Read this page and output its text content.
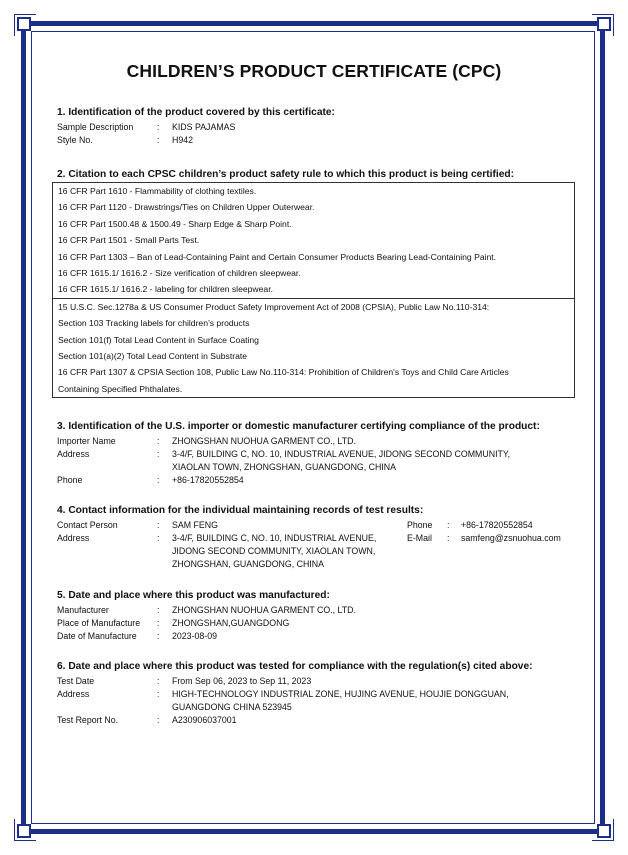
CHILDREN’S PRODUCT CERTIFICATE (CPC)
1. Identification of the product covered by this certificate:
Sample Description	:	KIDS PAJAMAS
Style No.	:	H942
2. Citation to each CPSC children’s product safety rule to which this product is being certified:
16 CFR Part 1610 - Flammability of clothing textiles.
16 CFR Part 1120 - Drawstrings/Ties on Children Upper Outerwear.
16 CFR Part 1500.48 & 1500.49 - Sharp Edge & Sharp Point.
16 CFR Part 1501 - Small Parts Test.
16 CFR Part 1303 – Ban of Lead-Containing Paint and Certain Consumer Products Bearing Lead-Containing Paint.
16 CFR 1615.1/ 1616.2 - Size verification of children sleepwear.
16 CFR 1615.1/ 1616.2 - labeling for children sleepwear.
15 U.S.C. Sec.1278a & US Consumer Product Safety Improvement Act of 2008 (CPSIA), Public Law No.110-314:
Section 103 Tracking labels for children’s products
Section 101(f) Total Lead Content in Surface Coating
Section 101(a)(2) Total Lead Content in Substrate
16 CFR Part 1307 & CPSIA Section 108, Public Law No.110-314: Prohibition of Children's Toys and Child Care Articles
Containing Specified Phthalates.
3. Identification of the U.S. importer or domestic manufacturer certifying compliance of the product:
Importer Name	:	ZHONGSHAN NUOHUA GARMENT CO., LTD.
Address	:	3-4/F, BUILDING C, NO. 10, INDUSTRIAL AVENUE, JIDONG SECOND COMMUNITY,
XIAOLAN TOWN, ZHONGSHAN, GUANGDONG, CHINA
Phone	:	+86-17820552854
4. Contact information for the individual maintaining records of test results:
Contact Person	:	SAM FENG
Address	:	3-4/F, BUILDING C, NO. 10, INDUSTRIAL AVENUE,
JIDONG SECOND COMMUNITY, XIAOLAN TOWN,
ZHONGSHAN, GUANGDONG, CHINA
Phone	:	+86-17820552854
E-Mail	:	samfeng@zsnuohua.com
5. Date and place where this product was manufactured:
Manufacturer	:	ZHONGSHAN NUOHUA GARMENT CO., LTD.
Place of Manufacture	:	ZHONGSHAN,GUANGDONG
Date of Manufacture	:	2023-08-09
6. Date and place where this product was tested for compliance with the regulation(s) cited above:
Test Date	:	From Sep 06, 2023 to Sep 11, 2023
Address	:	HIGH-TECHNOLOGY INDUSTRIAL ZONE, HUJING AVENUE, HOUJIE DONGGUAN,
GUANGDONG CHINA 523945
Test Report No.	:	A230906037001
